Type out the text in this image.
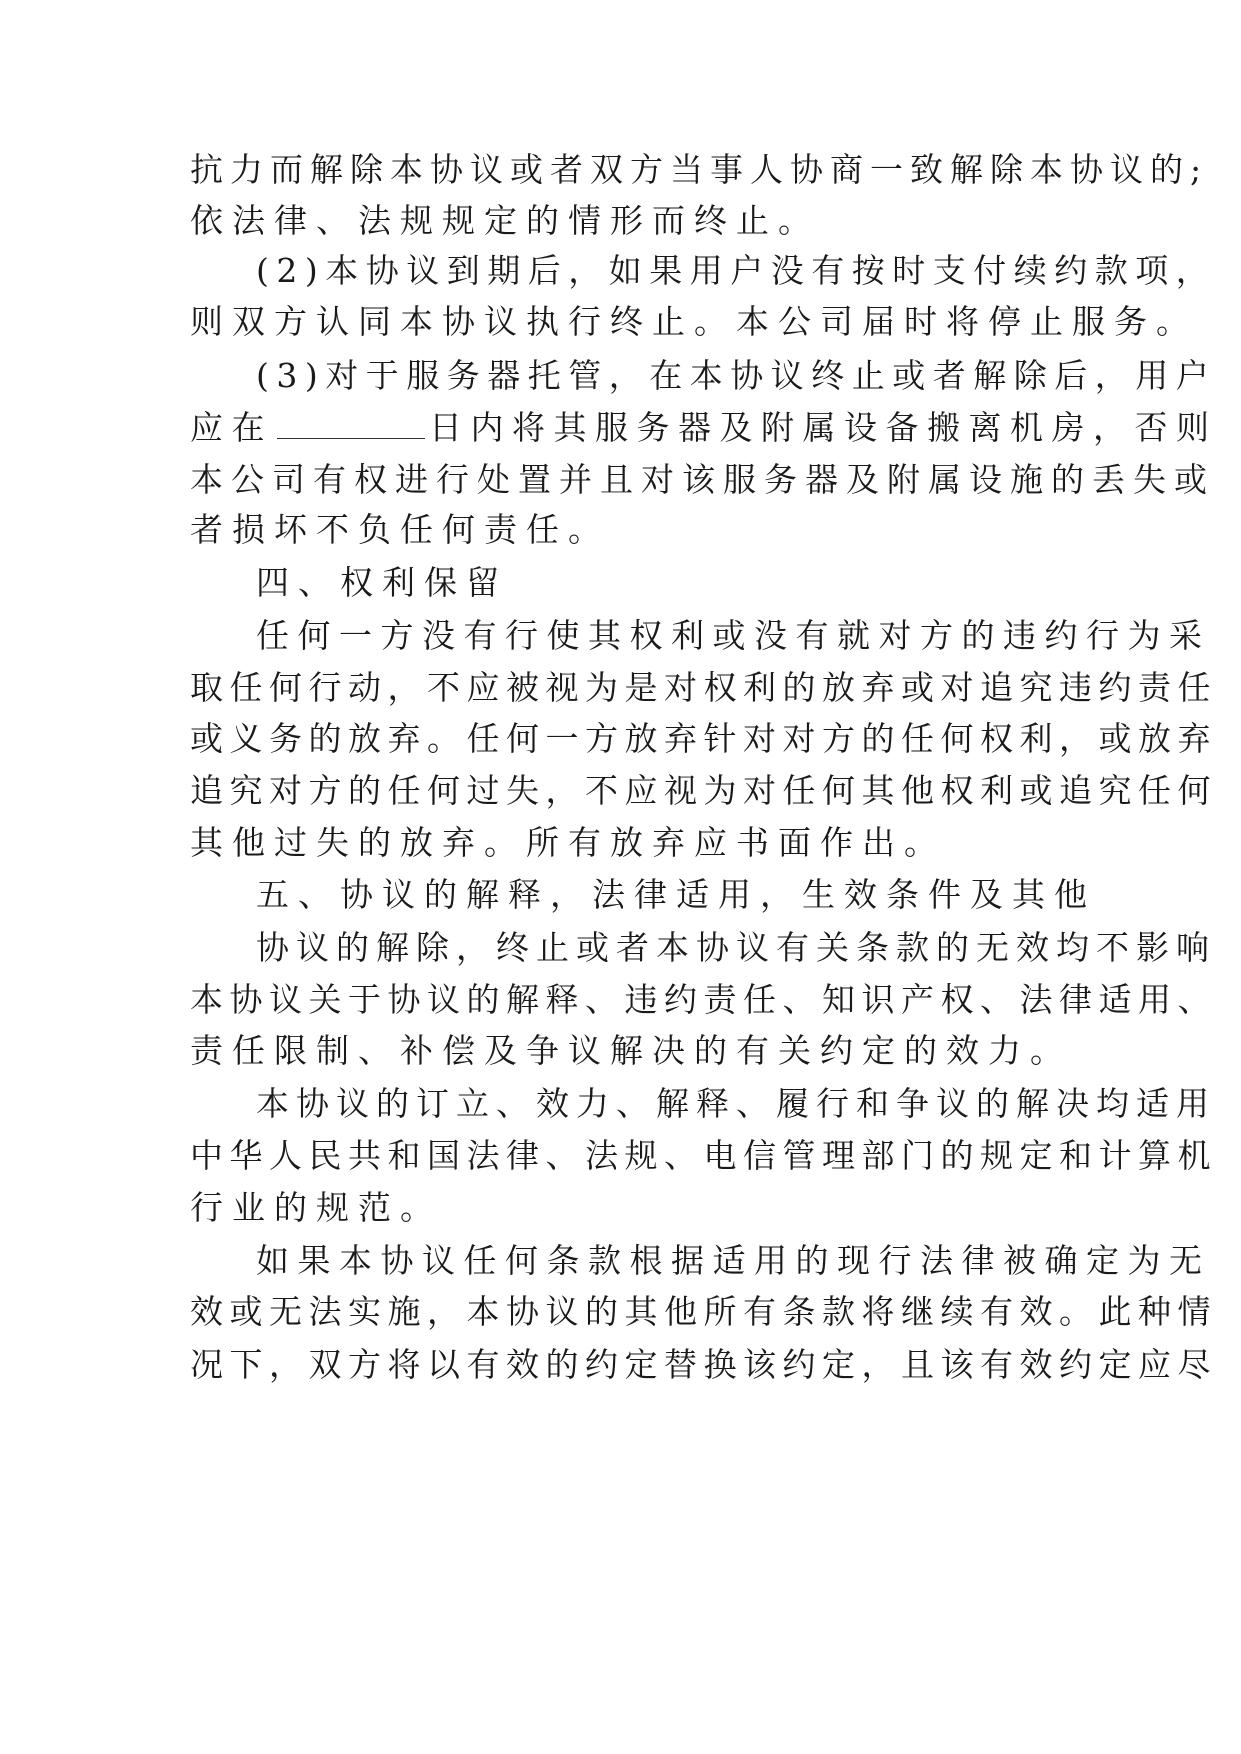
抗力而解除本协议或者双方当事人协商一致解除本协议的;
依法律、法规规定的情形而终止。
(2)本协议到期后，如果用户没有按时支付续约款项，
则双方认同本协议执行终止。本公司届时将停止服务。
(3)对于服务器托管，在本协议终止或者解除后，用户
应在	日内将其服务器及附属设备搬离机房，否则
本公司有权进行处置并且对该服务器及附属设施的丢失或
者损坏不负任何责任。
四、权利保留
任何一方没有行使其权利或没有就对方的违约行为采
取任何行动，不应被视为是对权利的放弃或对追究违约责任
或义务的放弃。任何一方放弃针对对方的任何权利，或放弃
追究对方的任何过失，不应视为对任何其他权利或追究任何
其他过失的放弃。所有放弃应书面作出。
五、协议的解释，法律适用，生效条件及其他
协议的解除，终止或者本协议有关条款的无效均不影响
本协议关于协议的解释、违约责任、知识产权、法律适用、
责任限制、补偿及争议解决的有关约定的效力。
本协议的订立、效力、解释、履行和争议的解决均适用
中华人民共和国法律、法规、电信管理部门的规定和计算机
行业的规范。
如果本协议任何条款根据适用的现行法律被确定为无
效或无法实施，本协议的其他所有条款将继续有效。此种情
况下，双方将以有效的约定替换该约定，且该有效约定应尽
